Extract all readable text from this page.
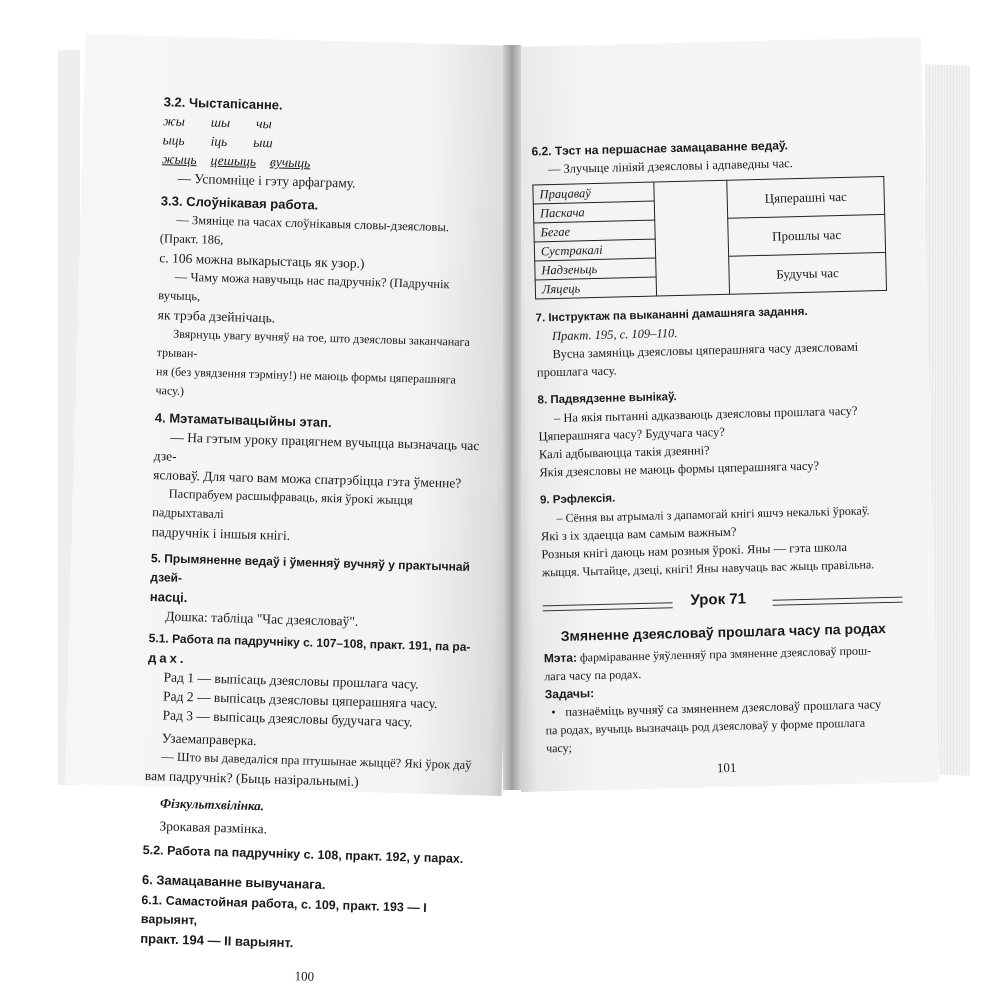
3.2. Чыстапісанне.
жы шы чы
ыць іць ыш
жыць цешыць вучыць

— Успомніце і гэту арфаграму.

3.3. Слоўнікавая работа.

— Змяніце па часах слоўнікавыя словы-дзеясловы. (Практ. 186,

с. 106 можна выкарыстаць як узор.)

— Чаму можа навучыць нас падручнік? (Падручнік вучыць,

як трэба дзейнічаць.

Звярнуць увагу вучняў на тое, што дзеясловы заканчанага трыван-

ня (без увядзення тэрміну!) не маюць формы цяперашняга часу.)

4. Мэтаматывацыйны этап.

— На гэтым уроку працягнем вучыцца вызначаць час дзе-

ясловаў. Для чаго вам можа спатрэбіцца гэта ўменне?

Паспрабуем расшыфраваць, якія ўрокі жыцця падрыхтавалі

падручнік і іншыя кнігі.

5. Прымяненне ведаў і ўменняў вучняў у практычнай дзей-
насці.

Дошка: табліца "Час дзеясловаў".

5.1. Работа па падручніку с. 107–108, практ. 191, па ра-
дах.

Рад 1 — выпісаць дзеясловы прошлага часу.

Рад 2 — выпісаць дзеясловы цяперашняга часу.

Рад 3 — выпісаць дзеясловы будучага часу.

Узаемаправерка.

— Што вы даведаліся пра птушынае жыццё? Які ўрок даў

вам падручнік? (Быць назіральнымі.)

Фізкультхвілінка.

Зрокавая размінка.

5.2. Работа па падручніку с. 108, практ. 192, у парах.
6. Замацаванне вывучанага.
6.1. Самастойная работа, с. 109, практ. 193 — І варыянт,
практ. 194 — ІІ варыянт.
100
6.2. Тэст на першаснае замацаванне ведаў.

— Злучыце лініяй дзеясловы і адпаведны час.

Працаваў		Цяперашні час
Паскача		
Бегае		Прошлы час
Сустракалі		
Надзеньць		Будучы час
Ляцець		
7. Інструктаж па выкананні дамашняга задання.

Практ. 195, с. 109–110.

Вусна замяніць дзеясловы цяперашняга часу дзеясловамі

прошлага часу.

8. Падвядзенне вынікаў.

– На якія пытанні адказваюць дзеясловы прошлага часу?

Цяперашняга часу? Будучага часу?

Калі адбываюцца такія дзеянні?

Якія дзеясловы не маюць формы цяперашняга часу?

9. Рэфлексія.

– Сёння вы атрымалі з дапамогай кнігі яшчэ некалькі ўрокаў.

Які з іх здаецца вам самым важным?

Розныя кнігі даюць нам розныя ўрокі. Яны — гэта школа

жыцця. Чытайце, дзеці, кнігі! Яны навучаць вас жыць правільна.

Урок 71
Змяненне дзеясловаў прошлага часу па родах

Мэта: фарміраванне ўяўленняў пра змяненне дзеясловаў прош-

лага часу па родах.

Задачы:

• пазнаёміць вучняў са змяненнем дзеясловаў прошлага часу

па родах, вучыць вызначаць род дзеясловаў у форме прошлага

часу;

101
